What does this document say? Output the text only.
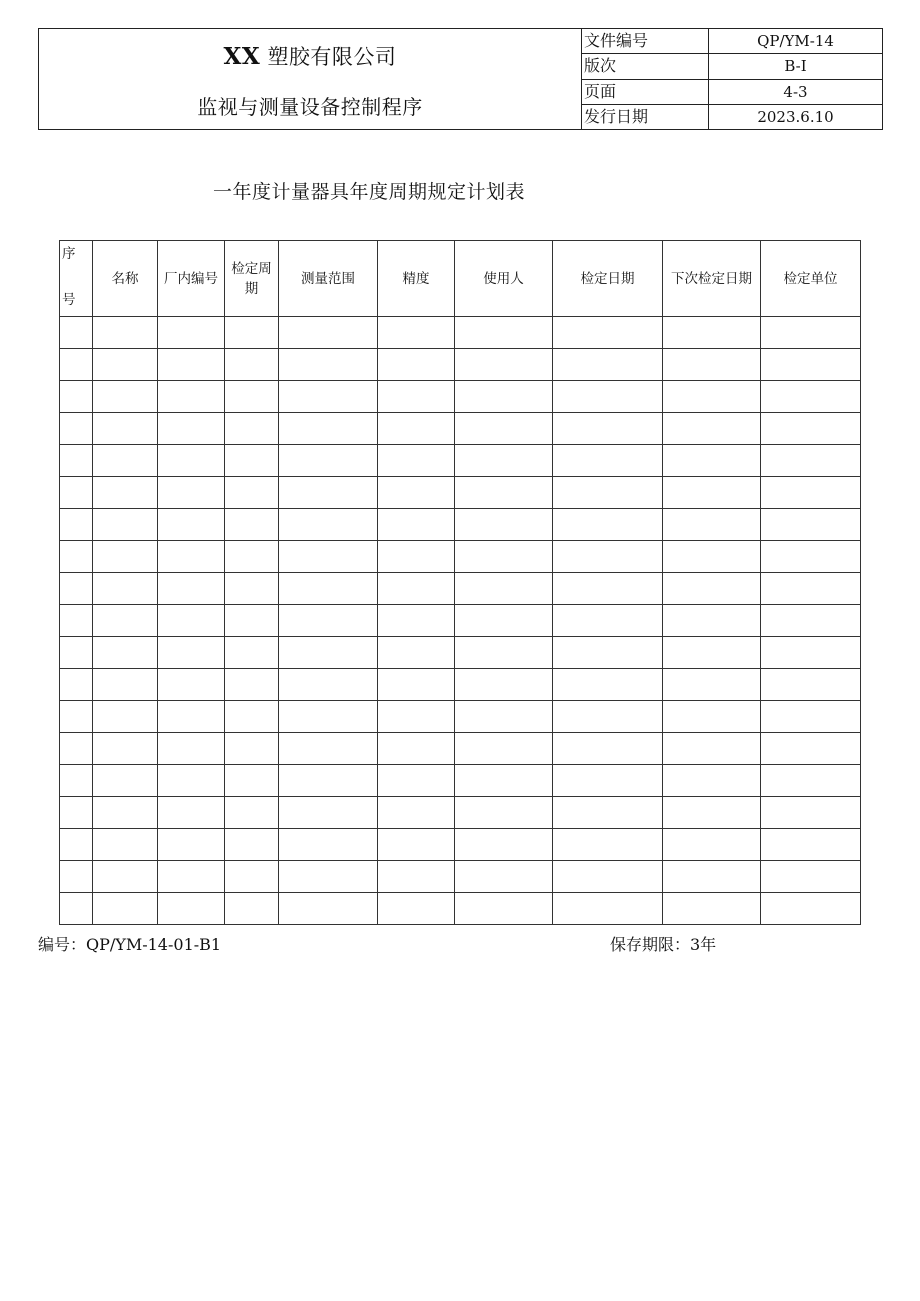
XX 塑胶有限公司
监视与测量设备控制程序
文件编号	QP/YM-14
版次	B-I
页面	4-3
发行日期	2023.6.10
一年度计量器具年度周期规定计划表
序
号	名称	厂内编号	检定周期	测量范围	精度	使用人	检定日期	下次检定日期	检定单位

编号：QP/YM-14-01-B1	保存期限：3年
